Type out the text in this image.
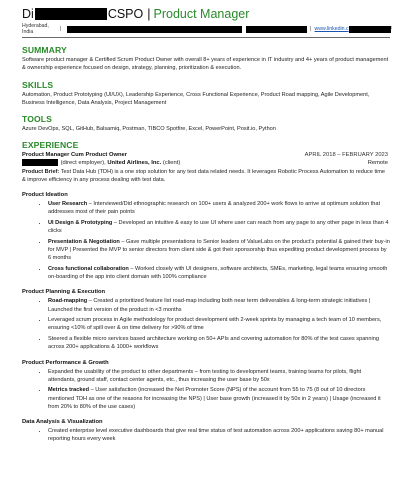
Di	CSPO | Product Manager
Hyderabad, India	|	| www.linkedin.c	/
SUMMARY
Software product manager & Certified Scrum Product Owner with overall 8+ years of experience in IT industry and 4+ years of product management & ownership experience focused on design, strategy, planning, prioritization & execution.
SKILLS
Automation, Product Prototyping (UI/UX), Leadership Experience, Cross Functional Experience, Product Road mapping, Agile Development, Business Intelligence, Data Analysis, Project Management
TOOLS
Azure DevOps, SQL, GitHub, Balsamiq, Postman, TIBCO Spotfire, Excel, PowerPoint, Posit.io, Python
EXPERIENCE
Product Manager Cum Product Owner	APRIL 2018 – FEBRUARY 2023
(direct employer), United Airlines, Inc. (client)	Remote
Product Brief: Test Data Hub (TDH) is a one stop solution for any test data related needs. It leverages Robotic Process Automation to reduce time & improve efficiency in any process dealing with test data.
Product Ideation
• User Research – Interviewed/Did ethnographic research on 100+ users & analyzed 200+ work flows to arrive at optimum solution that addresses most of their pain points
• UI Design & Prototyping – Developed an intuitive & easy to use UI where user can reach from any page to any other page in less than 4 clicks
• Presentation & Negotiation – Gave multiple presentations to Senior leaders of ValueLabs on the product’s potential & gained their buy-in for MVP | Presented the MVP to senior directors from client side & got their sponsorship thus expediting product development process by 6 months
• Cross functional collaboration – Worked closely with UI designers, software architects, SMEs, marketing, legal teams ensuring smooth on-boarding of the app into client domain with 100% compliance
Product Planning & Execution
• Road-mapping – Created a prioritized feature list road-map including both near term deliverables & long-term strategic initiatives | Launched the first version of the product in <3 months
• Leveraged scrum process in Agile methodology for product development with 2-week sprints by managing a tech team of 10 members, ensuring <10% of spill over & on time delivery for >90% of time
• Steered a flexible micro services based architecture working on 50+ APIs and covering automation for 80% of the test cases spanning across 200+ applications & 1000+ workflows
Product Performance & Growth
• Expanded the usability of the product to other departments – from testing to development teams, training teams for pilots, flight attendants, ground staff, contact center agents, etc., thus increasing the user base by 50x
• Metrics tracked – User satisfaction (increased the Net Promoter Score (NPS) of the account from 55 to 75 (8 out of 10 directors mentioned TDH as one of the reasons for increasing the NPS) | User base growth (increased it by 50x in 2 years) | Usage (increased it from 20% to 80% of the use cases)
Data Analysis & Visualization
• Created enterprise level executive dashboards that give real time status of test automation across 200+ applications saving 80+ manual reporting hours every week
